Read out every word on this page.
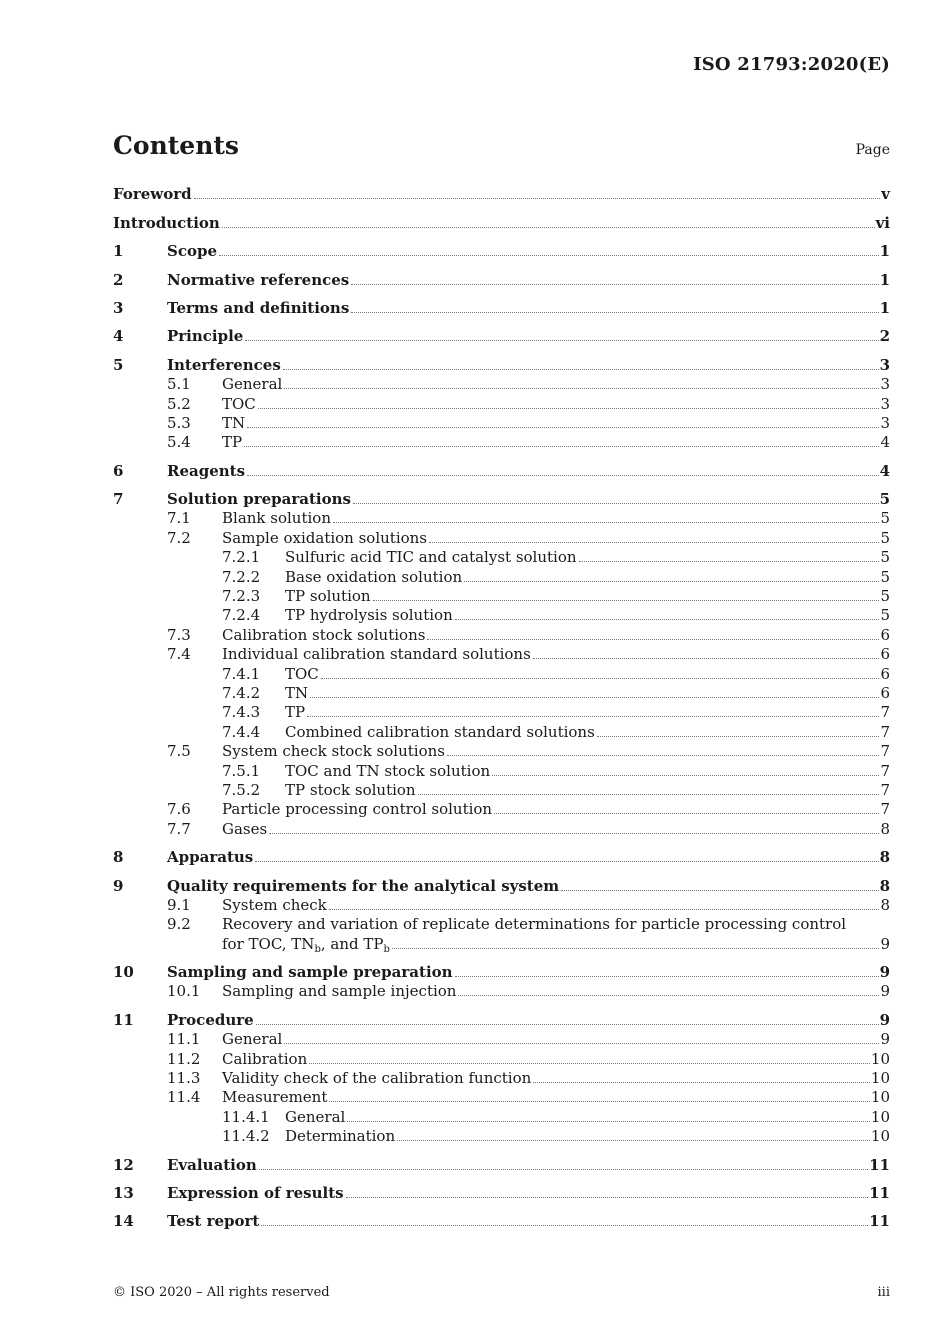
ISO 21793:2020(E)
Contents	Page
Foreword	v
Introduction	vi
1	Scope	1
2	Normative references	1
3	Terms and definitions	1
4	Principle	2
5	Interferences	3
5.1	General	3
5.2	TOC	3
5.3	TN	3
5.4	TP	4
6	Reagents	4
7	Solution preparations	5
7.1	Blank solution	5
7.2	Sample oxidation solutions	5
7.2.1	Sulfuric acid TIC and catalyst solution	5
7.2.2	Base oxidation solution	5
7.2.3	TP solution	5
7.2.4	TP hydrolysis solution	5
7.3	Calibration stock solutions	6
7.4	Individual calibration standard solutions	6
7.4.1	TOC	6
7.4.2	TN	6
7.4.3	TP	7
7.4.4	Combined calibration standard solutions	7
7.5	System check stock solutions	7
7.5.1	TOC and TN stock solution	7
7.5.2	TP stock solution	7
7.6	Particle processing control solution	7
7.7	Gases	8
8	Apparatus	8
9	Quality requirements for the analytical system	8
9.1	System check	8
9.2	Recovery and variation of replicate determinations for particle processing control
for TOC, $TN_b$, and $TP_b$	9
10	Sampling and sample preparation	9
10.1	Sampling and sample injection	9
11	Procedure	9
11.1	General	9
11.2	Calibration	10
11.3	Validity check of the calibration function	10
11.4	Measurement	10
11.4.1	General	10
11.4.2	Determination	10
12	Evaluation	11
13	Expression of results	11
14	Test report	11
© ISO 2020 – All rights reserved	iii
